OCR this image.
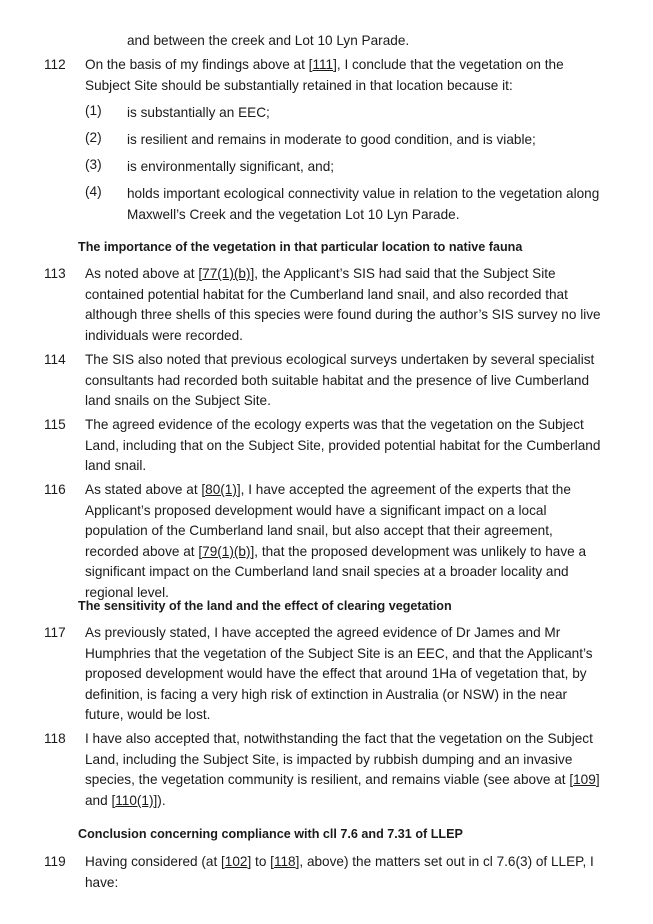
and between the creek and Lot 10 Lyn Parade.
112	On the basis of my findings above at [111], I conclude that the vegetation on the Subject Site should be substantially retained in that location because it:
(1)	is substantially an EEC;
(2)	is resilient and remains in moderate to good condition, and is viable;
(3)	is environmentally significant, and;
(4)	holds important ecological connectivity value in relation to the vegetation along Maxwell’s Creek and the vegetation Lot 10 Lyn Parade.
The importance of the vegetation in that particular location to native fauna
113	As noted above at [77(1)(b)], the Applicant’s SIS had said that the Subject Site contained potential habitat for the Cumberland land snail, and also recorded that although three shells of this species were found during the author’s SIS survey no live individuals were recorded.
114	The SIS also noted that previous ecological surveys undertaken by several specialist consultants had recorded both suitable habitat and the presence of live Cumberland land snails on the Subject Site.
115	The agreed evidence of the ecology experts was that the vegetation on the Subject Land, including that on the Subject Site, provided potential habitat for the Cumberland land snail.
116	As stated above at [80(1)], I have accepted the agreement of the experts that the Applicant’s proposed development would have a significant impact on a local population of the Cumberland land snail, but also accept that their agreement, recorded above at [79(1)(b)], that the proposed development was unlikely to have a significant impact on the Cumberland land snail species at a broader locality and regional level.
The sensitivity of the land and the effect of clearing vegetation
117	As previously stated, I have accepted the agreed evidence of Dr James and Mr Humphries that the vegetation of the Subject Site is an EEC, and that the Applicant’s proposed development would have the effect that around 1Ha of vegetation that, by definition, is facing a very high risk of extinction in Australia (or NSW) in the near future, would be lost.
118	I have also accepted that, notwithstanding the fact that the vegetation on the Subject Land, including the Subject Site, is impacted by rubbish dumping and an invasive species, the vegetation community is resilient, and remains viable (see above at [109] and [110(1)]).
Conclusion concerning compliance with cll 7.6 and 7.31 of LLEP
119	Having considered (at [102] to [118], above) the matters set out in cl 7.6(3) of LLEP, I have:
